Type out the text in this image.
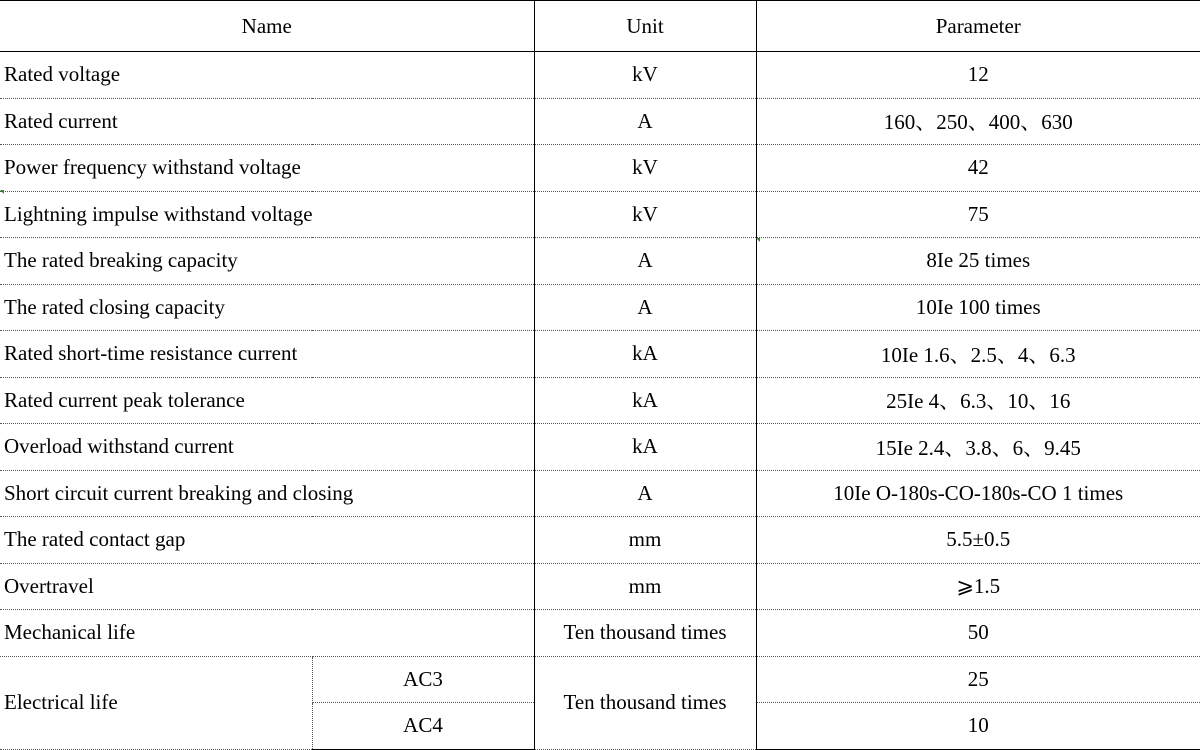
Name		Unit	Parameter
Rated voltage		kV	12
Rated current		A	160、250、400、630
Power frequency withstand voltage		kV	42
Lightning impulse withstand voltage		kV	75
The rated breaking capacity		A	8Ie 25 times
The rated closing capacity		A	10Ie 100 times
Rated short-time resistance current		kA	10Ie 1.6、2.5、4、6.3
Rated current peak tolerance		kA	25Ie 4、6.3、10、16
Overload withstand current		kA	15Ie 2.4、3.8、6、9.45
Short circuit current breaking and closing		A	10Ie O-180s-CO-180s-CO 1 times
The rated contact gap		mm	5.5±0.5
Overtravel		mm	⩾1.5
Mechanical life		Ten thousand times	50
Electrical life	AC3	Ten thousand times	25
	AC4		10
